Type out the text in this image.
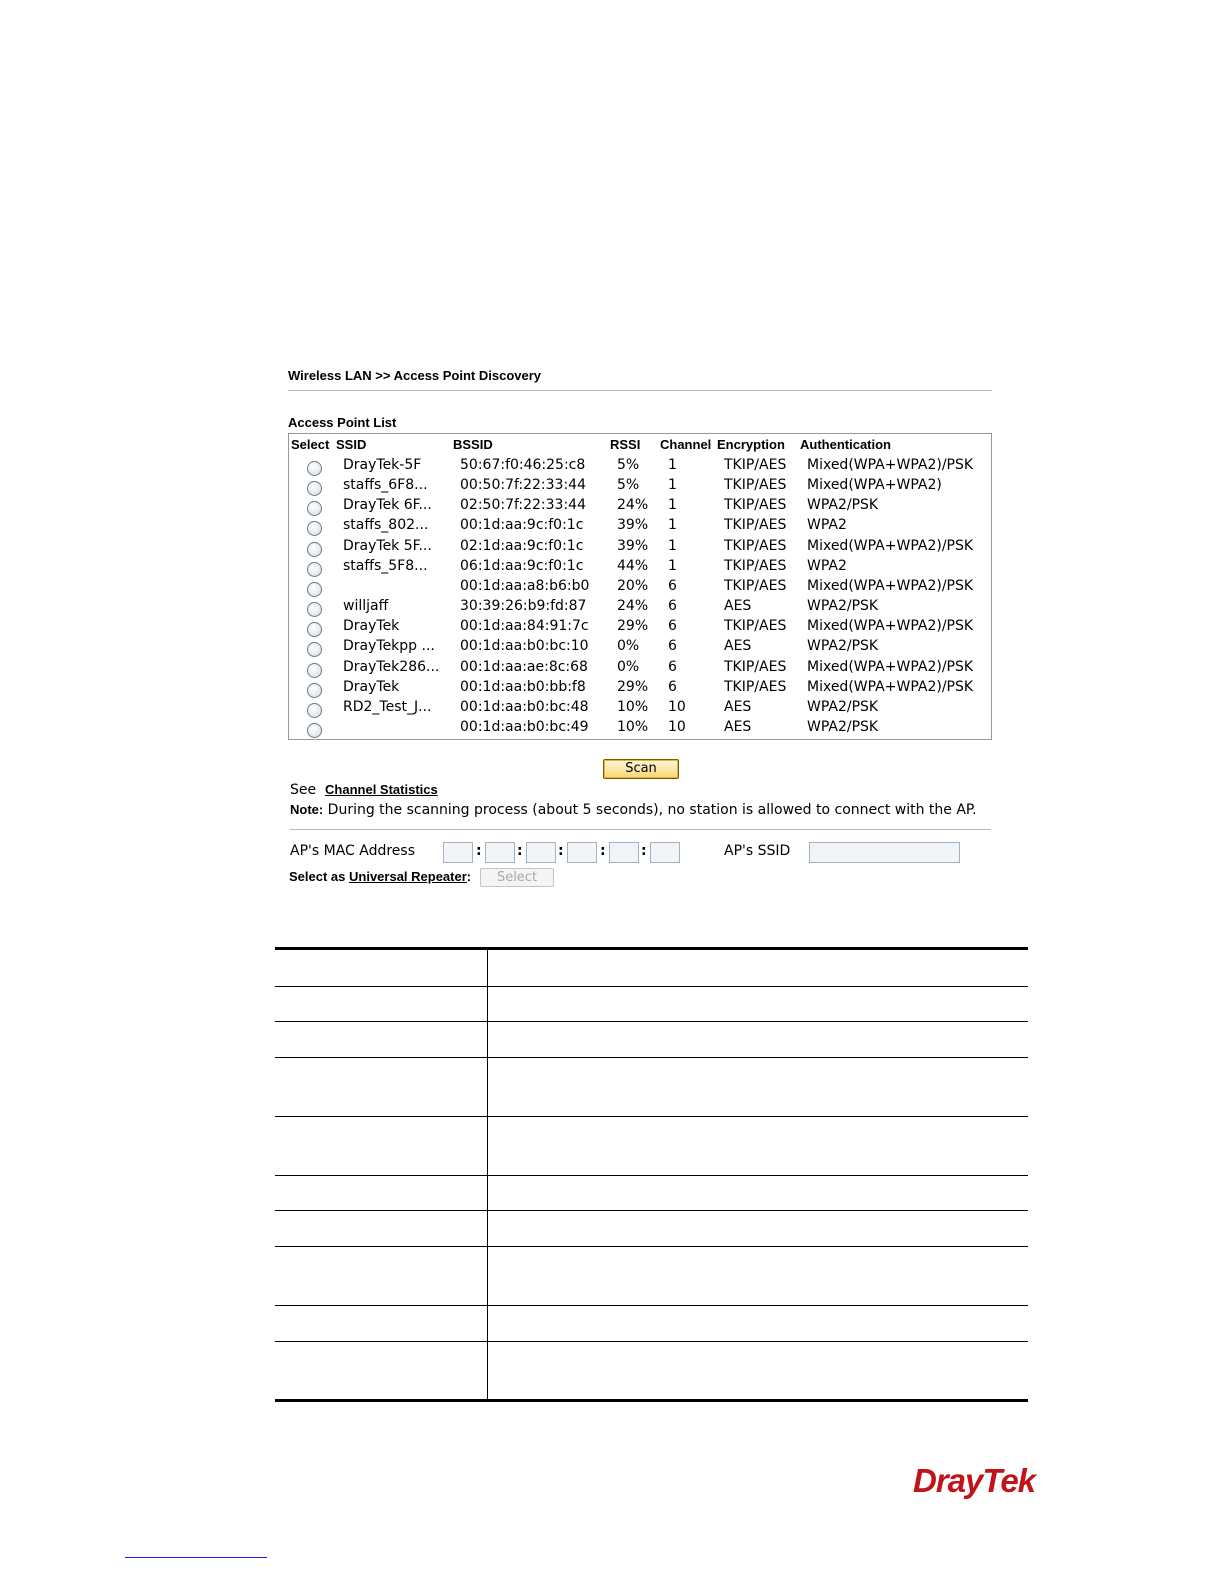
Wireless LAN >> Access Point Discovery
Access Point List
Select SSID	BSSID	RSSI Channel Encryption Authentication
DrayTek-5F	50:67:f0:46:25:c8 5% 1	TKIP/AES Mixed(WPA+WPA2)/PSK
staffs_6F8... 00:50:7f:22:33:44 5% 1	TKIP/AES Mixed(WPA+WPA2)
DrayTek 6F... 02:50:7f:22:33:44 24% 1	TKIP/AES WPA2/PSK
staffs_802... 00:1d:aa:9c:f0:1c 39% 1	TKIP/AES WPA2
DrayTek 5F... 02:1d:aa:9c:f0:1c 39% 1	TKIP/AES Mixed(WPA+WPA2)/PSK
staffs_5F8... 06:1d:aa:9c:f0:1c 44% 1	TKIP/AES WPA2
00:1d:aa:a8:b6:b0 20% 6	TKIP/AES Mixed(WPA+WPA2)/PSK
willjaff	30:39:26:b9:fd:87 24% 6	AES	WPA2/PSK
DrayTek	00:1d:aa:84:91:7c 29% 6	TKIP/AES Mixed(WPA+WPA2)/PSK
DrayTekpp ... 00:1d:aa:b0:bc:10 0% 6	AES	WPA2/PSK
DrayTek286... 00:1d:aa:ae:8c:68 0% 6	TKIP/AES Mixed(WPA+WPA2)/PSK
DrayTek	00:1d:aa:b0:bb:f8 29% 6	TKIP/AES Mixed(WPA+WPA2)/PSK
RD2_Test_J... 00:1d:aa:b0:bc:48 10% 10	AES	WPA2/PSK
00:1d:aa:b0:bc:49 10% 10	AES	WPA2/PSK
Scan
See Channel Statistics
Note: During the scanning process (about 5 seconds), no station is allowed to connect with the AP.
AP's MAC Address	:	:	:	:	:	AP's SSID
Select as Universal Repeater:	Select
DrayTek
